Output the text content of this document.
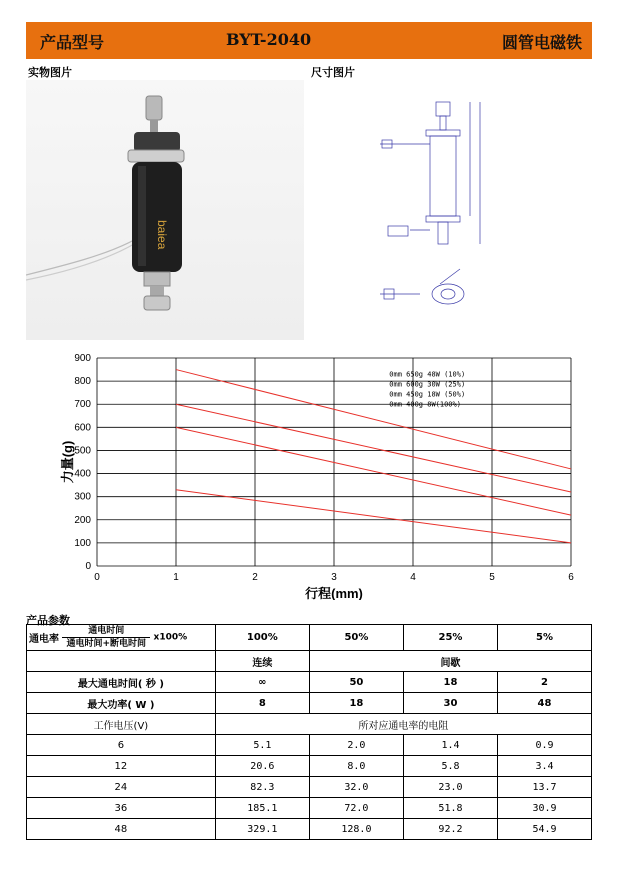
产品型号	BYT-2040	圆管电磁铁
实物图片	尺寸图片
baiea
0
100
200
300
400
500
600
700
800
900
0	1	2	3	4	5	6
0mm 650g 48W (10%)
0mm 600g 30W (25%)
0mm 450g 18W (50%)
0mm 400g 8W(100%)
行程(mm)
力量(g)
产品参数
通电率 $\frac{\text{通电时间}}{\text{通电时间+断电时间}} x100\%$	100%	50%	25%	5%
	连续	间歇		
最大通电时间( 秒 )	∞	50	18	2
最大功率( W )	8	18	30	48
工作电压(V)	所对应通电率的电阻			
6	5.1	2.0	1.4	0.9
12	20.6	8.0	5.8	3.4
24	82.3	32.0	23.0	13.7
36	185.1	72.0	51.8	30.9
48	329.1	128.0	92.2	54.9
